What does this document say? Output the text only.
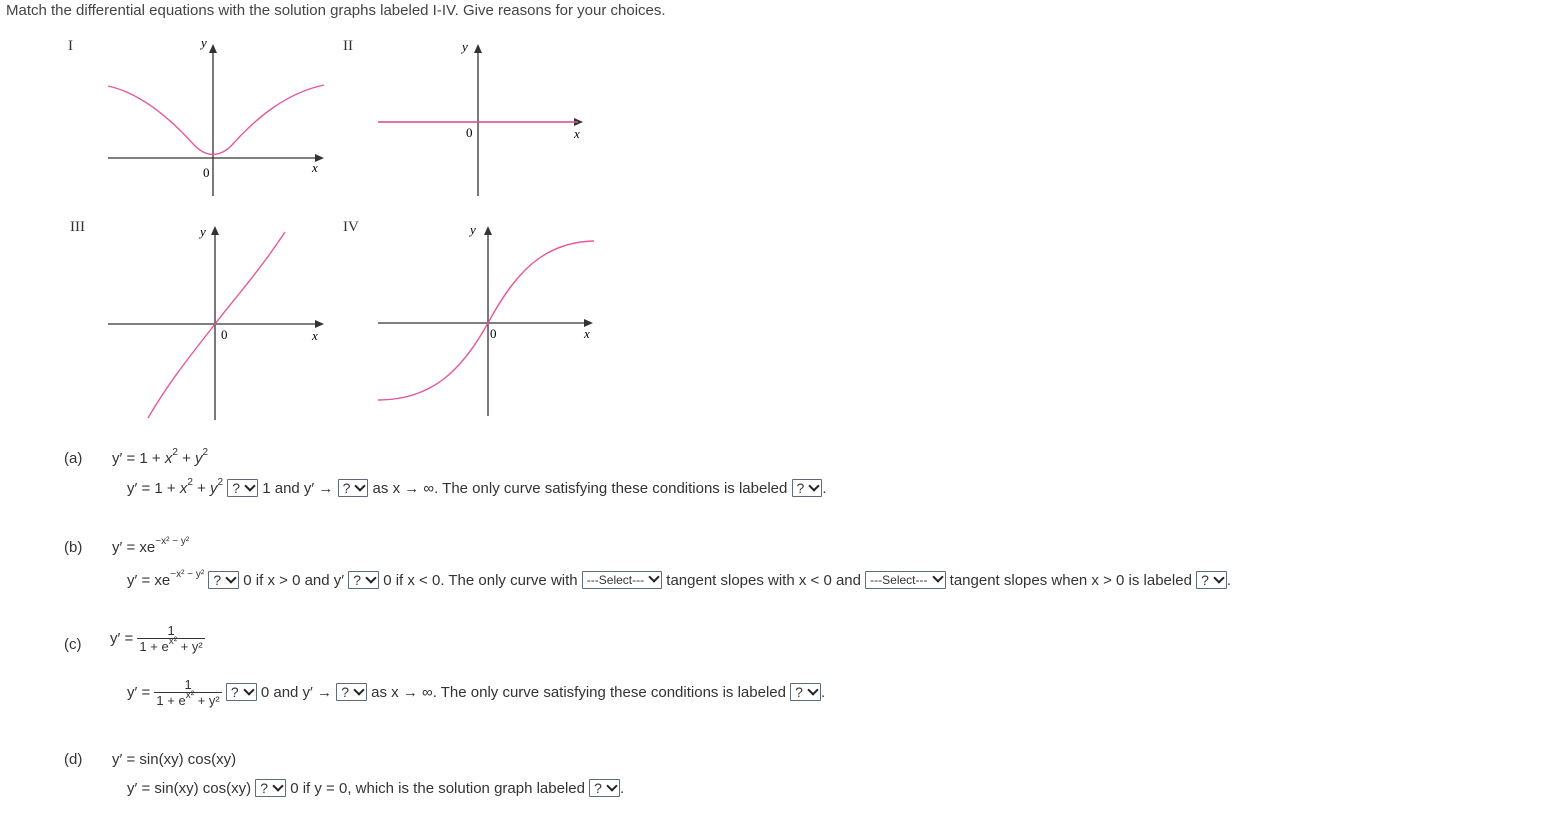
Match the differential equations with the solution graphs labeled I-IV. Give reasons for your choices.
I	II
III	IV
y
0	x
y
0	x
y
0	x
y
0	x
(a) $y' = 1 + x^2 + y^2$
$y' = 1 + x^2 + y^2$ ? 1 and y′ → ? as x → ∞. The only curve satisfying these conditions is labeled ? .
(b) $y' = xe^{-x^2 - y^2}$
$y' = xe^{-x^2 - y^2}$ ? 0 if x > 0 and y′ ? 0 if x < 0. The only curve with ---Select--- tangent slopes with x < 0 and ---Select--- tangent slopes when x > 0 is labeled ? .
(c) $y' = \frac{1}{1 + e^{x^2} + y^2}$
$y' = \frac{1}{1 + e^{x^2} + y^2}$ ? 0 and y′ → ? as x → ∞. The only curve satisfying these conditions is labeled ? .
(d) y′ = sin(xy) cos(xy)
y′ = sin(xy) cos(xy) ? 0 if y = 0, which is the solution graph labeled ? .
